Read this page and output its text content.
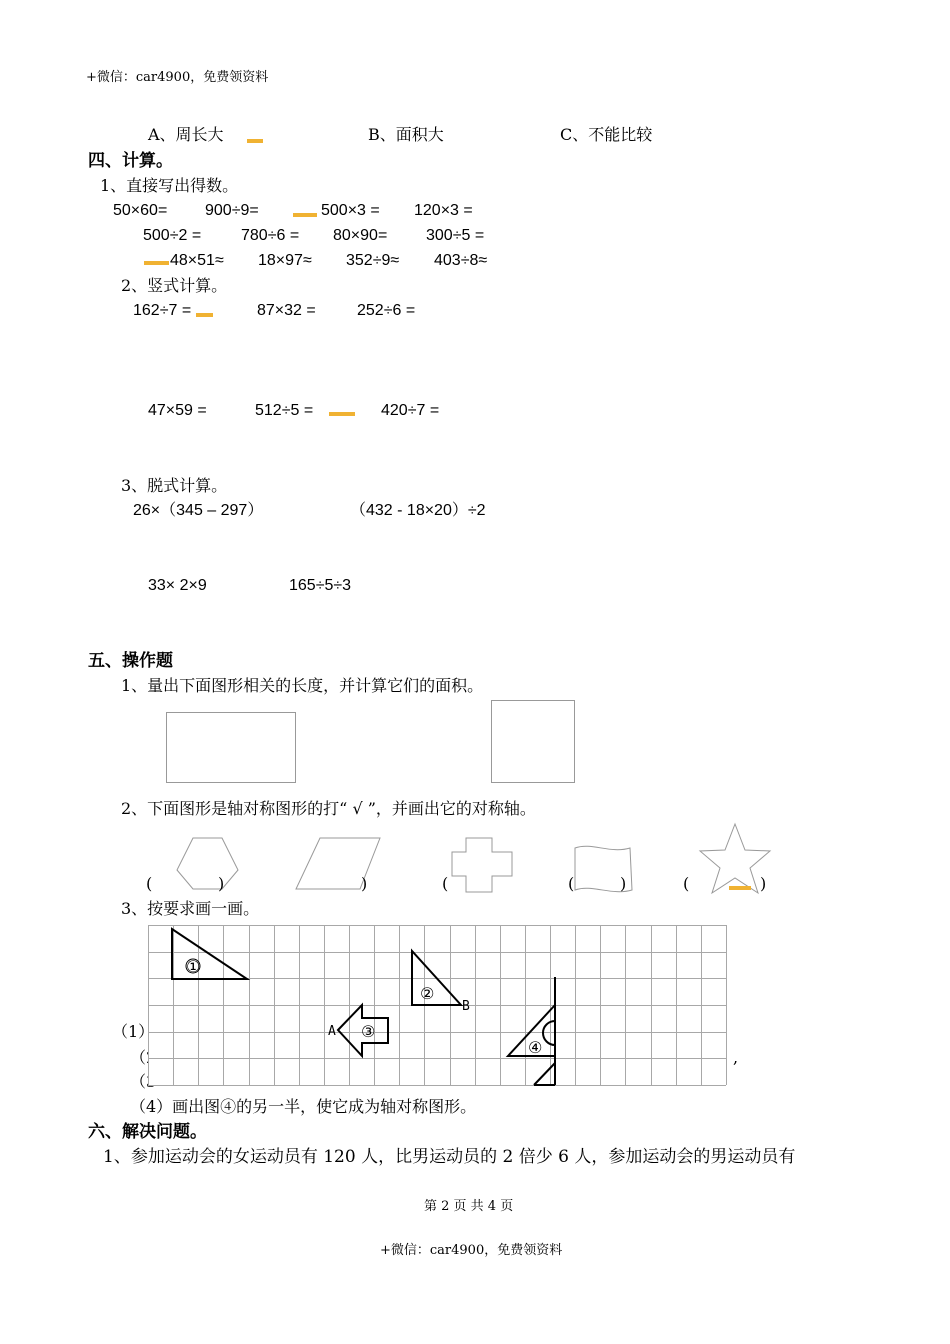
+微信：car4900，免费领资料
A、周长大	B、面积大	C、不能比较
四、计算。
1、直接写出得数。
50×60= 900÷9=	500×3 = 120×3 =
500÷2 = 780÷6 = 80×90= 300÷5 =
48×51≈ 18×97≈ 352÷9≈ 403÷8≈
2、竖式计算。
162÷7 =	87×32 =	252÷6 =
47×59 =	512÷5 =	420÷7 =
3、脱式计算。
26×（345 – 297）	（432 - 18×20）÷2
33× 2×9	165÷5÷3
五、操作题
1、量出下面图形相关的长度，并计算它们的面积。
2、下面图形是轴对称图形的打“ √ ”，并画出它的对称轴。
(	)	)	(	(	)	(	)
3、按要求画一画。
（1）
（2
（3
,
①
②
B
③
A
④
（4）画出图④的另一半，使它成为轴对称图形。
六、解决问题。
1、参加运动会的女运动员有 120 人，比男运动员的 2 倍少 6 人，参加运动会的男运动员有
第 2 页 共 4 页
+微信：car4900，免费领资料
